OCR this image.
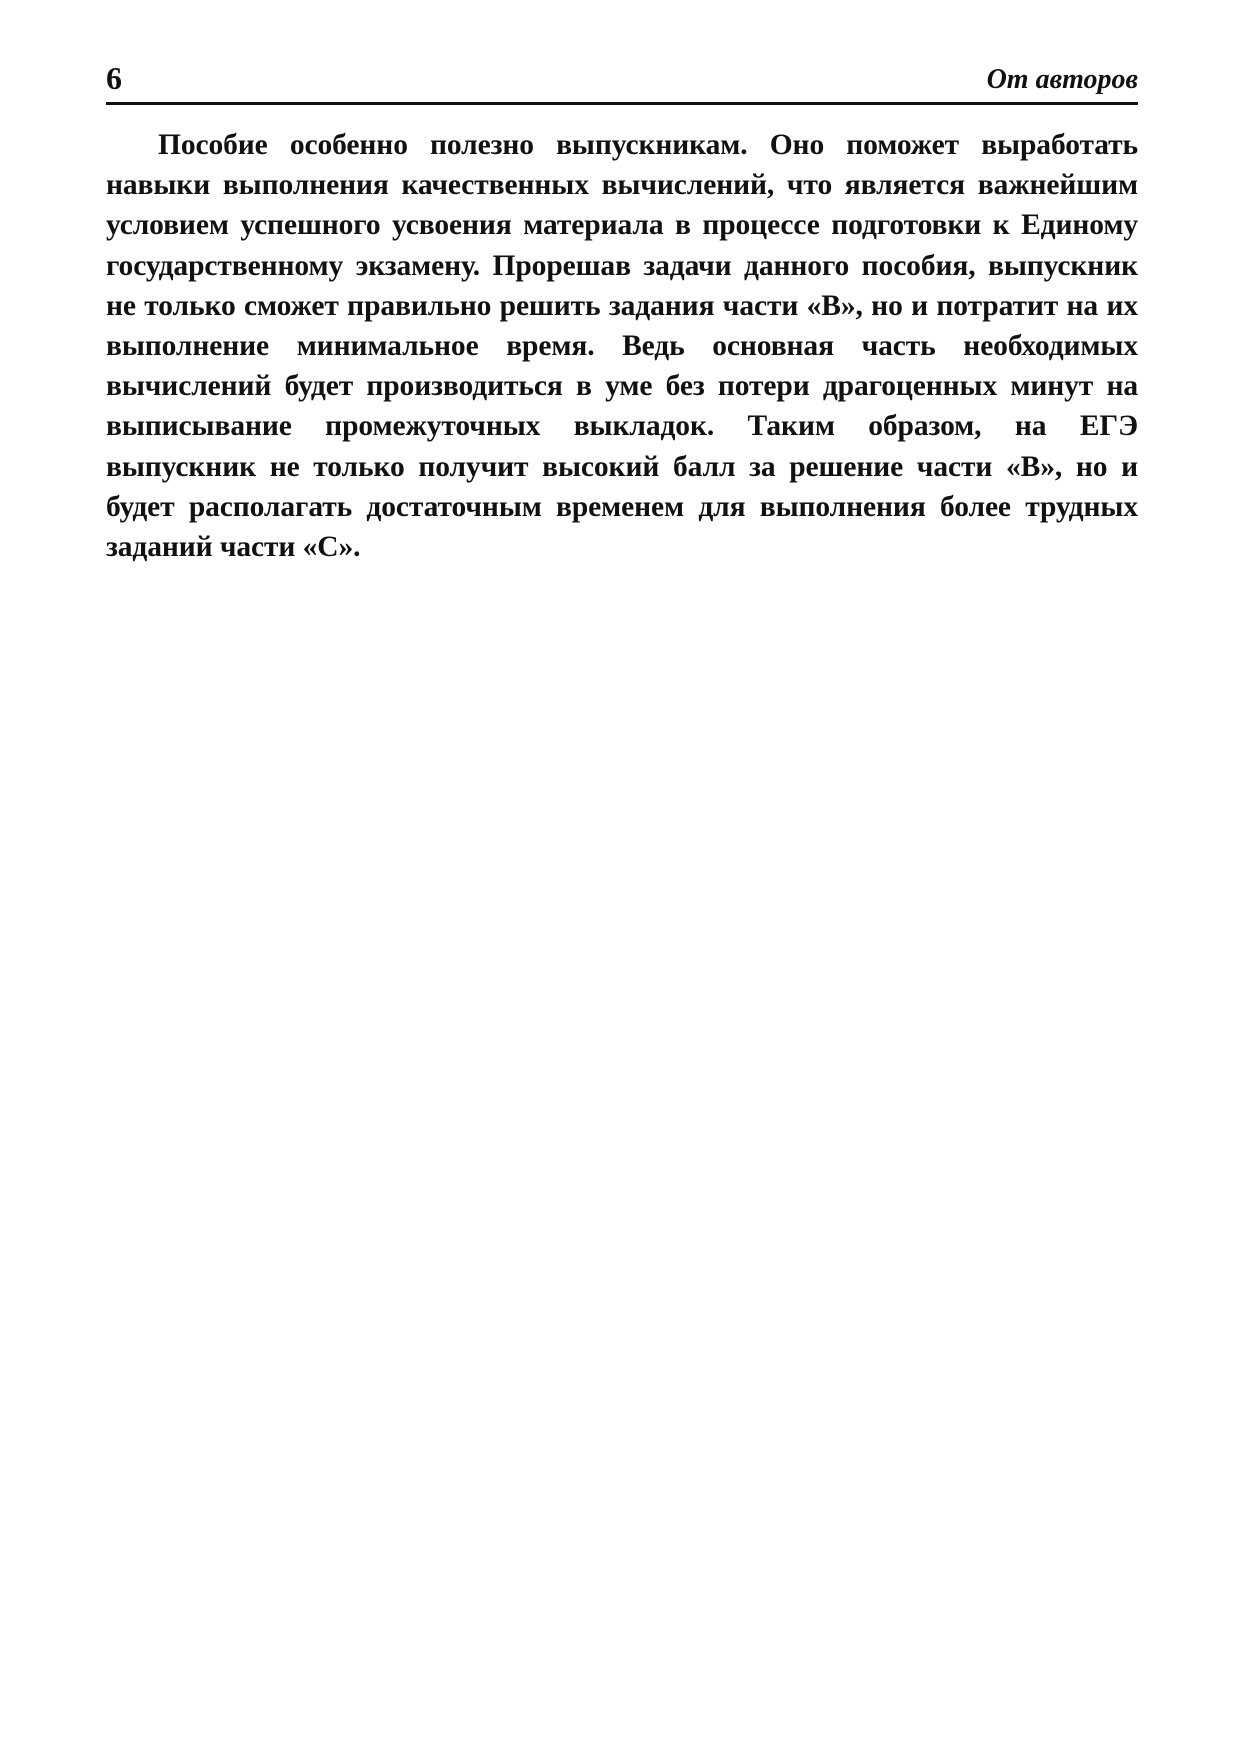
6	От авторов

Пособие особенно полезно выпускникам. Оно поможет выработать навыки выполнения качественных вычислений, что является важнейшим условием успешного усвоения материала в процессе подготовки к Единому государственному экзамену. Прорешав задачи данного пособия, выпускник не только сможет правильно решить задания части «В», но и потратит на их выполнение минимальное время. Ведь основная часть необходимых вычислений будет производиться в уме без потери драгоценных минут на выписывание промежуточных выкладок. Таким образом, на ЕГЭ выпускник не только получит высокий балл за решение части «В», но и будет располагать достаточным временем для выполнения более трудных заданий части «С».
